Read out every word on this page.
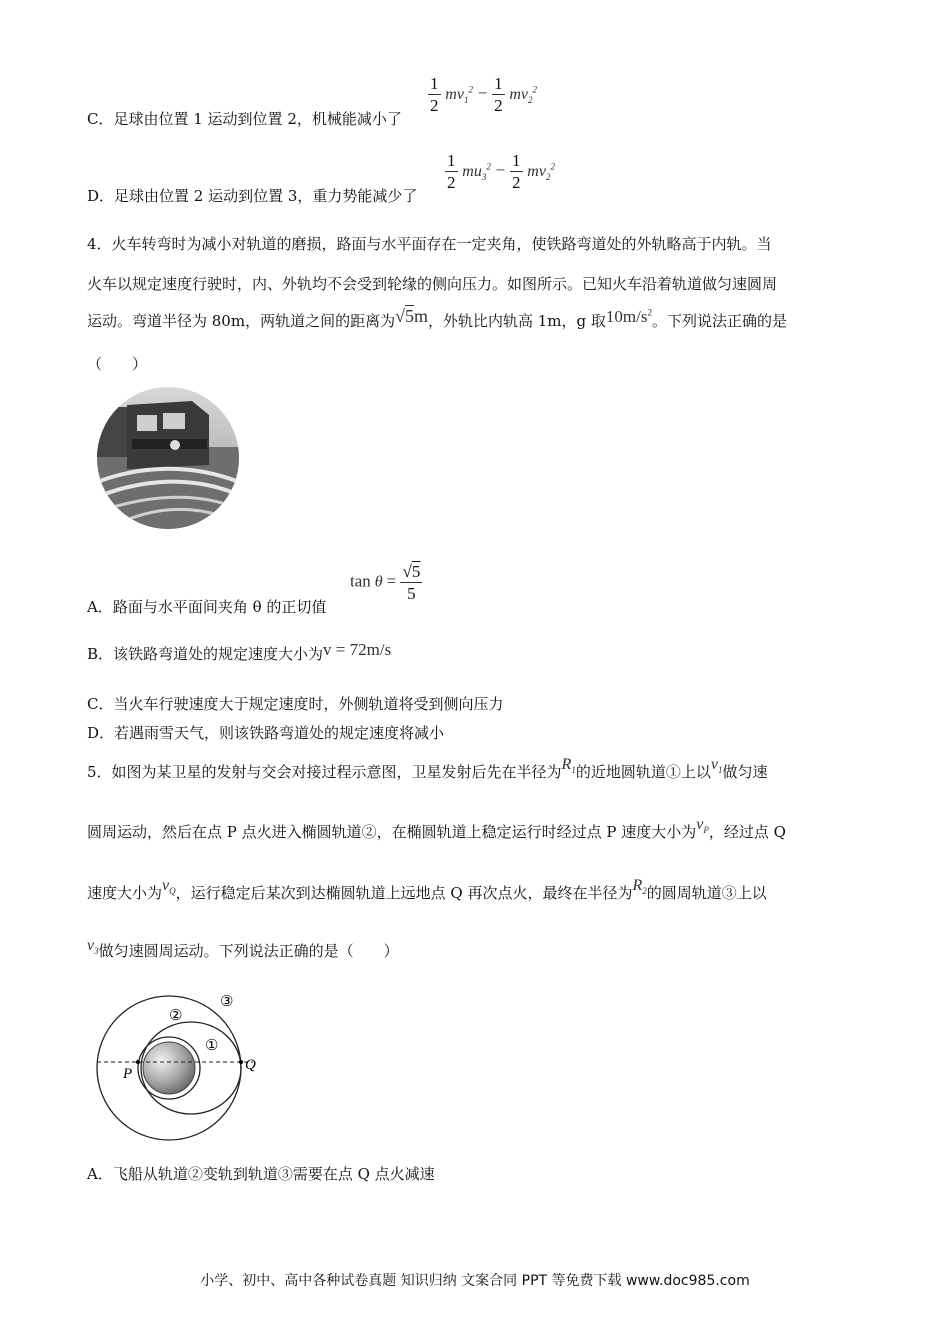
C．足球由位置 1 运动到位置 2，机械能减小了
$\frac{1}{2} mv_1^2 - \frac{1}{2} mv_2^2$
D．足球由位置 2 运动到位置 3，重力势能减少了
$\frac{1}{2} mu_3^2 - \frac{1}{2} mv_2^2$
4．火车转弯时为减小对轨道的磨损，路面与水平面存在一定夹角，使铁路弯道处的外轨略高于内轨。当
火车以规定速度行驶时，内、外轨均不会受到轮缘的侧向压力。如图所示。已知火车沿着轨道做匀速圆周
运动。弯道半径为 80m，两轨道之间的距离为√5m，外轨比内轨高 1m，g 取$10m/s^2$。下列说法正确的是
（　　）
A．路面与水平面间夹角 θ 的正切值
$\tan \theta = \frac{√5}{5}$
B．该铁路弯道处的规定速度大小为v = 72m/s
C．当火车行驶速度大于规定速度时，外侧轨道将受到侧向压力
D．若遇雨雪天气，则该铁路弯道处的规定速度将减小
5．如图为某卫星的发射与交会对接过程示意图，卫星发射后先在半径为$R_1$的近地圆轨道①上以$v_1$做匀速
圆周运动，然后在点 P 点火进入椭圆轨道②，在椭圆轨道上稳定运行时经过点 P 速度大小为$v_P$，经过点 Q
速度大小为$v_Q$，运行稳定后某次到达椭圆轨道上远地点 Q 再次点火，最终在半径为$R_2$的圆周轨道③上以
$v_3$做匀速圆周运动。下列说法正确的是（　　）
①
②
③
P
Q
A．飞船从轨道②变轨到轨道③需要在点 Q 点火减速
小学、初中、高中各种试卷真题 知识归纳 文案合同 PPT 等免费下载 www.doc985.com
